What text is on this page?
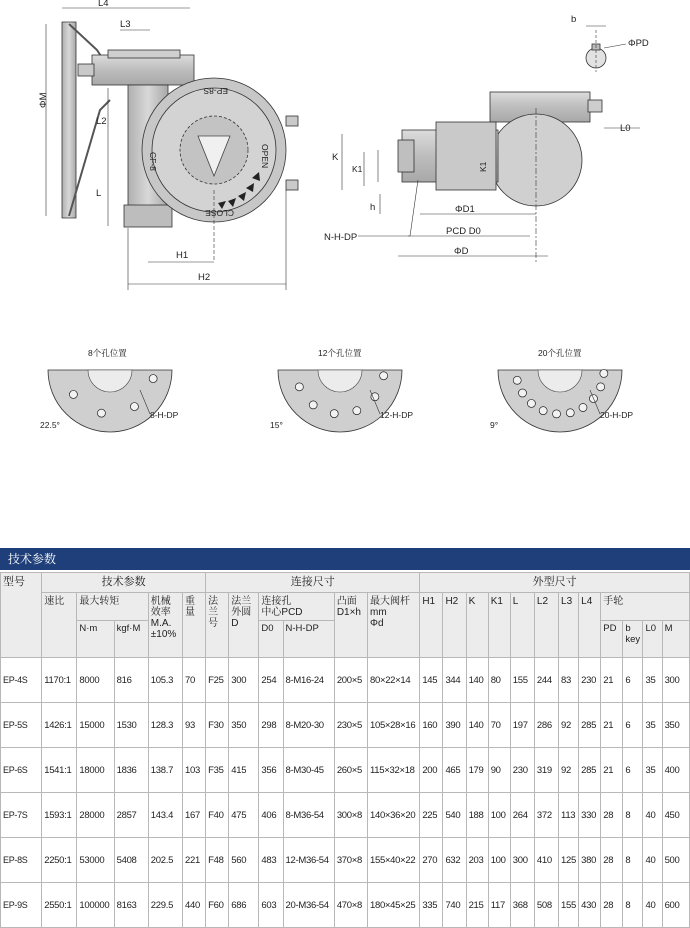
L4
L3
ΦM
L2
L
H1
H2
EP-8S
CF-8	OPEN
CLOSE
b
ΦPD
L0
K
K1	K1
h	ΦD1
PCD D0
ΦD
N-H-DP
8个孔位置
22.5°
8-H-DP
12个孔位置
15°
12-H-DP
20个孔位置
9°
20-H-DP
技术参数
型号	技术参数					连接尺寸						外型尺寸											
	速比	最大转矩		机械
效率
M.A.
±10%	重
量	法
兰
号	法兰
外圆
D	连接孔
中心PCD		凸面
D1×h	最大阀杆
mm
Φd	H1	H2	K	K1	L	L2	L3	L4	手轮			
		N·m	kgf·M					D0	N-H-DP											PD	b
key	L0	M
EP-4S	1170:1	8000	816	105.3	70	F25	300	254	8-M16-24	200×5	80×22×14	145	344	140	80	155	244	83	230	21	6	35	300
EP-5S	1426:1	15000	1530	128.3	93	F30	350	298	8-M20-30	230×5	105×28×16	160	390	140	70	197	286	92	285	21	6	35	350
EP-6S	1541:1	18000	1836	138.7	103	F35	415	356	8-M30-45	260×5	115×32×18	200	465	179	90	230	319	92	285	21	6	35	400
EP-7S	1593:1	28000	2857	143.4	167	F40	475	406	8-M36-54	300×8	140×36×20	225	540	188	100	264	372	113	330	28	8	40	450
EP-8S	2250:1	53000	5408	202.5	221	F48	560	483	12-M36-54	370×8	155×40×22	270	632	203	100	300	410	125	380	28	8	40	500
EP-9S	2550:1	100000	8163	229.5	440	F60	686	603	20-M36-54	470×8	180×45×25	335	740	215	117	368	508	155	430	28	8	40	600
